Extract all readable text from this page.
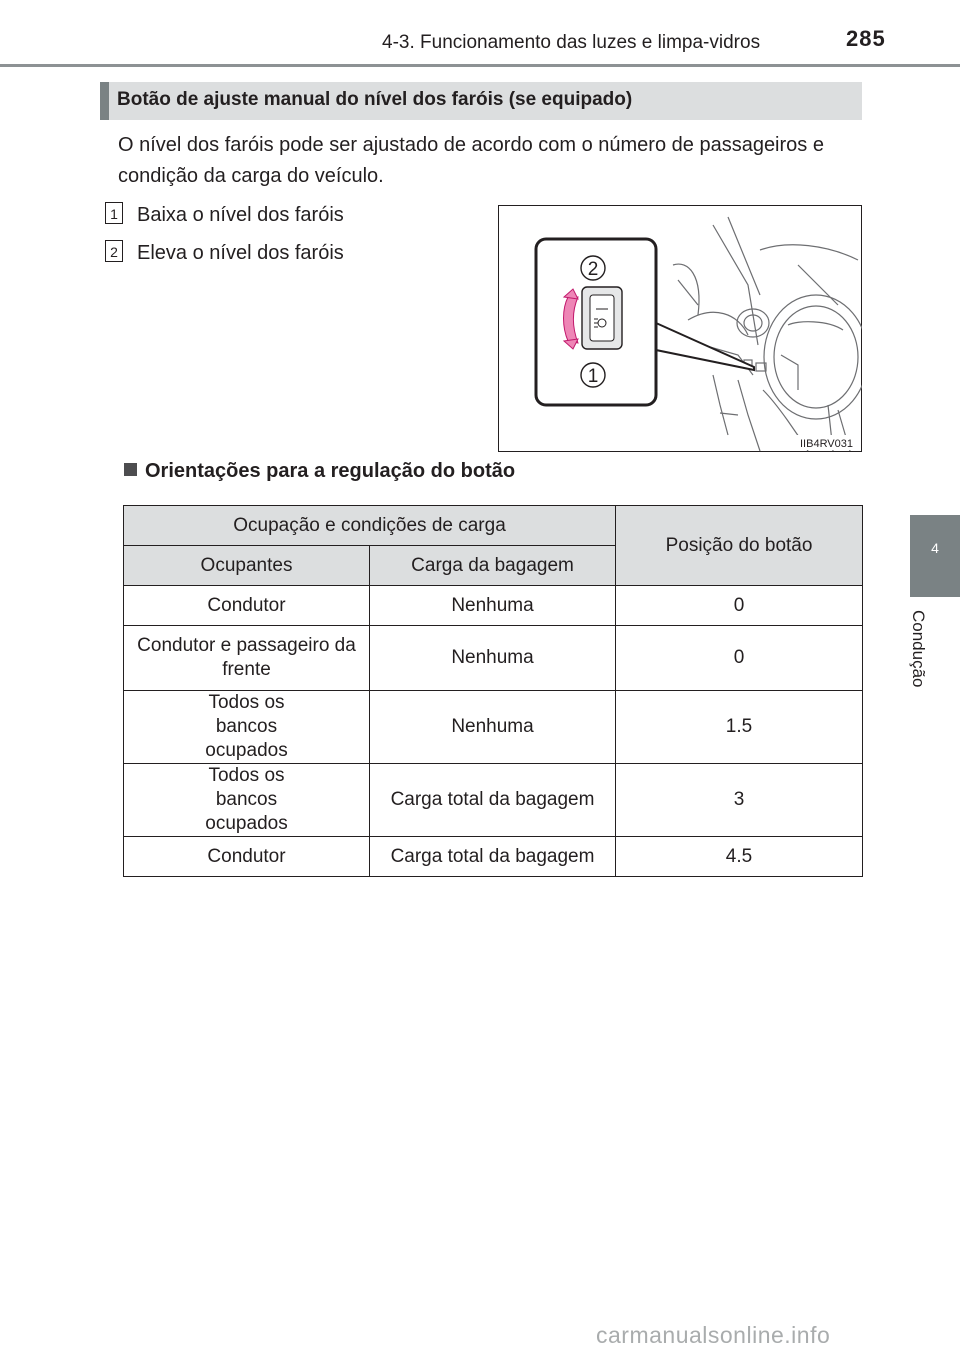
4-3. Funcionamento das luzes e limpa-vidros	285
4
Condução
Botão de ajuste manual do nível dos faróis (se equipado)
O nível dos faróis pode ser ajustado de acordo com o número de passageiros e condição da carga do veículo.
1 Baixa o nível dos faróis
2 Eleva o nível dos faróis
2
1
IIB4RV031
Orientações para a regulação do botão
Ocupação e condições de carga		Posição do botão
Ocupantes	Carga da bagagem	
Condutor	Nenhuma	0
Condutor e passageiro da frente	Nenhuma	0
Todos os bancos ocupados	Nenhuma	1.5
Todos os bancos ocupados	Carga total da bagagem	3
Condutor	Carga total da bagagem	4.5
carmanualsonline.info
